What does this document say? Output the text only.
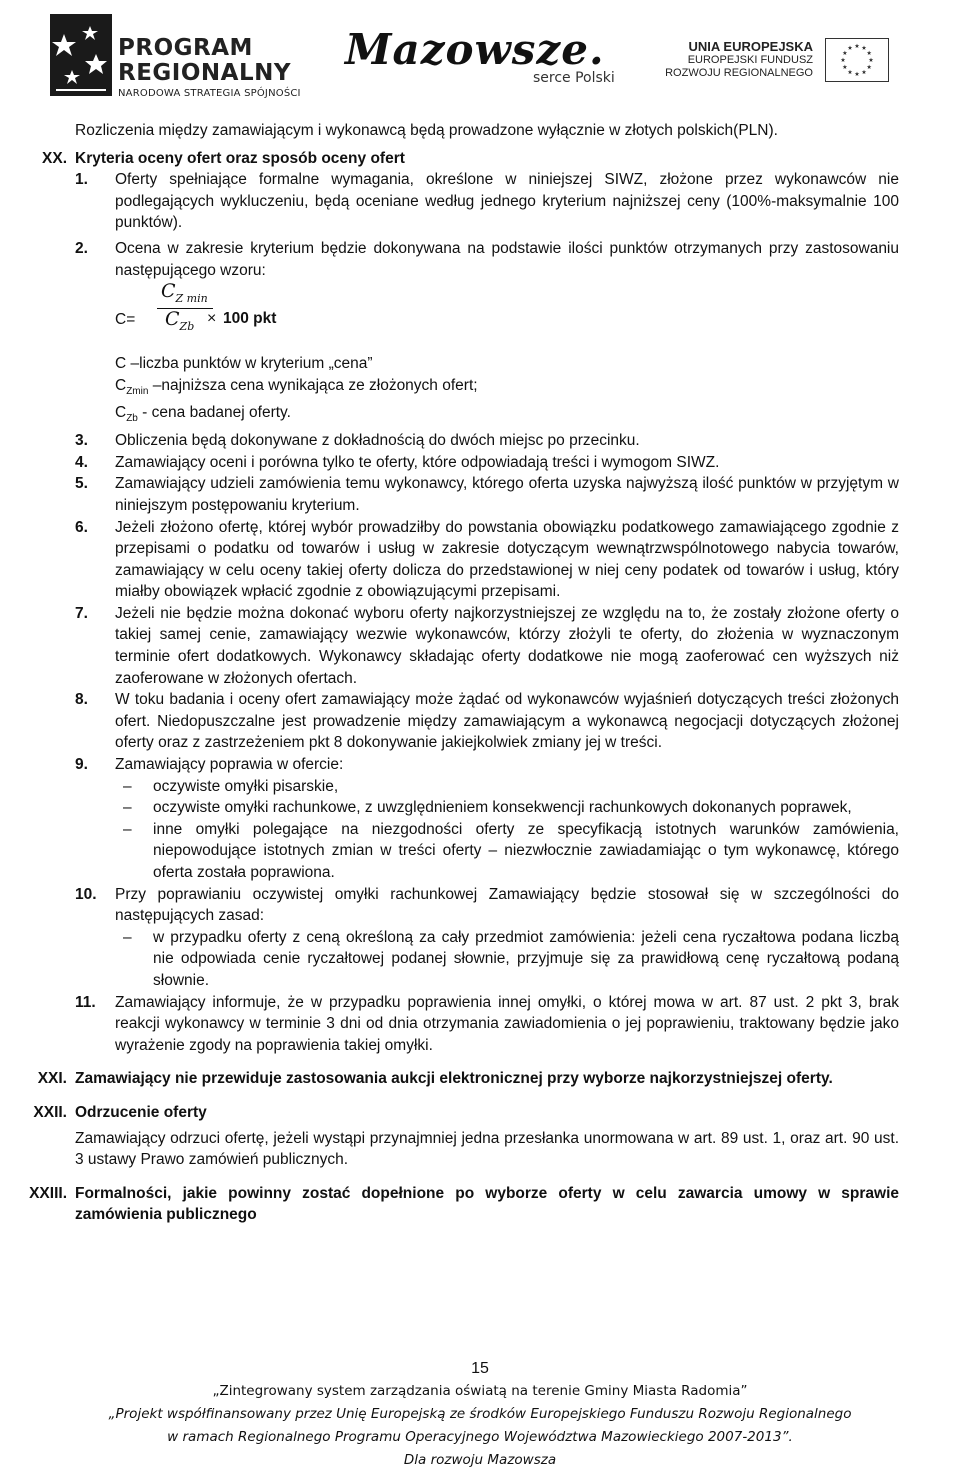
PROGRAM
REGIONALNY
NARODOWA STRATEGIA SPÓJNOŚCI
Mazowsze.
serce Polski
UNIA EUROPEJSKA
EUROPEJSKI FUNDUSZ
ROZWOJU REGIONALNEGO
Rozliczenia między zamawiającym i wykonawcą będą prowadzone wyłącznie w złotych polskich(PLN).
XX. Kryteria oceny ofert oraz sposób oceny ofert
1. Oferty spełniające formalne wymagania, określone w niniejszej SIWZ, złożone przez wykonawców nie podlegających wykluczeniu, będą oceniane według jednego kryterium najniższej ceny (100%-maksymalnie 100 punktów).
2. Ocena w zakresie kryterium będzie dokonywana na podstawie ilości punktów otrzymanych przy zastosowaniu następującego wzoru:
C=
$C_{Z min}$
$C_{Zb} \times 100$ pkt
C –liczba punktów w kryterium „cena”
$C_{Zmin}$ –najniższa cena wynikająca ze złożonych ofert;
$C_{Zb}$ - cena badanej oferty.
3. Obliczenia będą dokonywane z dokładnością do dwóch miejsc po przecinku.
4. Zamawiający oceni i porówna tylko te oferty, które odpowiadają treści i wymogom SIWZ.
5. Zamawiający udzieli zamówienia temu wykonawcy, którego oferta uzyska najwyższą ilość punktów w przyjętym w niniejszym postępowaniu kryterium.
6. Jeżeli złożono ofertę, której wybór prowadziłby do powstania obowiązku podatkowego zamawiającego zgodnie z przepisami o podatku od towarów i usług w zakresie dotyczącym wewnątrzwspólnotowego nabycia towarów, zamawiający w celu oceny takiej oferty dolicza do przedstawionej w niej ceny podatek od towarów i usług, który miałby obowiązek wpłacić zgodnie z obowiązującymi przepisami.
7. Jeżeli nie będzie można dokonać wyboru oferty najkorzystniejszej ze względu na to, że zostały złożone oferty o takiej samej cenie, zamawiający wezwie wykonawców, którzy złożyli te oferty, do złożenia w wyznaczonym terminie ofert dodatkowych. Wykonawcy składając oferty dodatkowe nie mogą zaoferować cen wyższych niż zaoferowane w złożonych ofertach.
8. W toku badania i oceny ofert zamawiający może żądać od wykonawców wyjaśnień dotyczących treści złożonych ofert. Niedopuszczalne jest prowadzenie między zamawiającym a wykonawcą negocjacji dotyczących złożonej oferty oraz z zastrzeżeniem pkt 8 dokonywanie jakiejkolwiek zmiany jej w treści.
9. Zamawiający poprawia w ofercie:
– oczywiste omyłki pisarskie,
– oczywiste omyłki rachunkowe, z uwzględnieniem konsekwencji rachunkowych dokonanych poprawek,
– inne omyłki polegające na niezgodności oferty ze specyfikacją istotnych warunków zamówienia, niepowodujące istotnych zmian w treści oferty – niezwłocznie zawiadamiając o tym wykonawcę, którego oferta została poprawiona.
10. Przy poprawianiu oczywistej omyłki rachunkowej Zamawiający będzie stosował się w szczególności do następujących zasad:
– w przypadku oferty z ceną określoną za cały przedmiot zamówienia: jeżeli cena ryczałtowa podana liczbą nie odpowiada cenie ryczałtowej podanej słownie, przyjmuje się za prawidłową cenę ryczałtową podaną słownie.
11. Zamawiający informuje, że w przypadku poprawienia innej omyłki, o której mowa w art. 87 ust. 2 pkt 3, brak reakcji wykonawcy w terminie 3 dni od dnia otrzymania zawiadomienia o jej poprawieniu, traktowany będzie jako wyrażenie zgody na poprawienia takiej omyłki.
XXI. Zamawiający nie przewiduje zastosowania aukcji elektronicznej przy wyborze najkorzystniejszej oferty.
XXII. Odrzucenie oferty
Zamawiający odrzuci ofertę, jeżeli wystąpi przynajmniej jedna przesłanka unormowana w art. 89 ust. 1, oraz art. 90 ust. 3 ustawy Prawo zamówień publicznych.
XXIII. Formalności, jakie powinny zostać dopełnione po wyborze oferty w celu zawarcia umowy w sprawie zamówienia publicznego
15
„Zintegrowany system zarządzania oświatą na terenie Gminy Miasta Radomia”
„Projekt współfinansowany przez Unię Europejską ze środków Europejskiego Funduszu Rozwoju Regionalnego
w ramach Regionalnego Programu Operacyjnego Województwa Mazowieckiego 2007-2013”.
Dla rozwoju Mazowsza
